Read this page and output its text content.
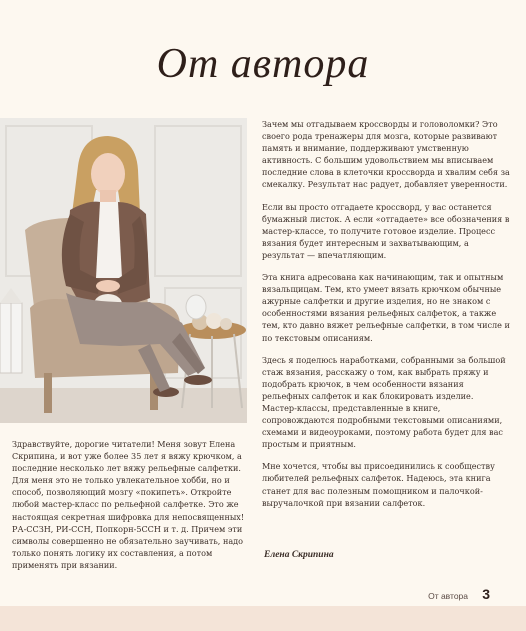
От автора

Здравствуйте, дорогие читатели! Меня зовут Елена Скрипина, и вот уже более 35 лет я вяжу крючком, а последние несколько лет вяжу рельефные салфетки. Для меня это не только увлекательное хобби, но и способ, позволяющий мозгу «покипеть». Откройте любой мастер-класс по рельефной салфетке. Это же настоящая секретная шифровка для непосвященных! РА-ССЗН, РИ-ССН, Попкорн-5ССН и т. д. Причем эти символы совершенно не обязательно заучивать, надо только понять логику их составления, а потом применять при вязании.

Зачем мы отгадываем кроссворды и головоломки? Это своего рода тренажеры для мозга, которые развивают память и внимание, поддерживают умственную активность. С большим удовольствием мы вписываем последние слова в клеточки кроссворда и хвалим себя за смекалку. Результат нас радует, добавляет уверенности.

Если вы просто отгадаете кроссворд, у вас останется бумажный листок. А если «отгадаете» все обозначения в мастер-классе, то получите готовое изделие. Процесс вязания будет интересным и захватывающим, а результат — впечатляющим.

Эта книга адресована как начинающим, так и опытным вязальщицам. Тем, кто умеет вязать крючком обычные ажурные салфетки и другие изделия, но не знаком с особенностями вязания рельефных салфеток, а также тем, кто давно вяжет рельефные салфетки, в том числе и по текстовым описаниям.

Здесь я поделюсь наработками, собранными за большой стаж вязания, расскажу о том, как выбрать пряжу и подобрать крючок, в чем особенности вязания рельефных салфеток и как блокировать изделие. Мастер-классы, представленные в книге, сопровождаются подробными текстовыми описаниями, схемами и видеоуроками, поэтому работа будет для вас простым и приятным.

Мне хочется, чтобы вы присоединились к сообществу любителей рельефных салфеток. Надеюсь, эта книга станет для вас полезным помощником и палочкой-выручалочкой при вязании салфеток.

Елена Скрипина
От автора 3
